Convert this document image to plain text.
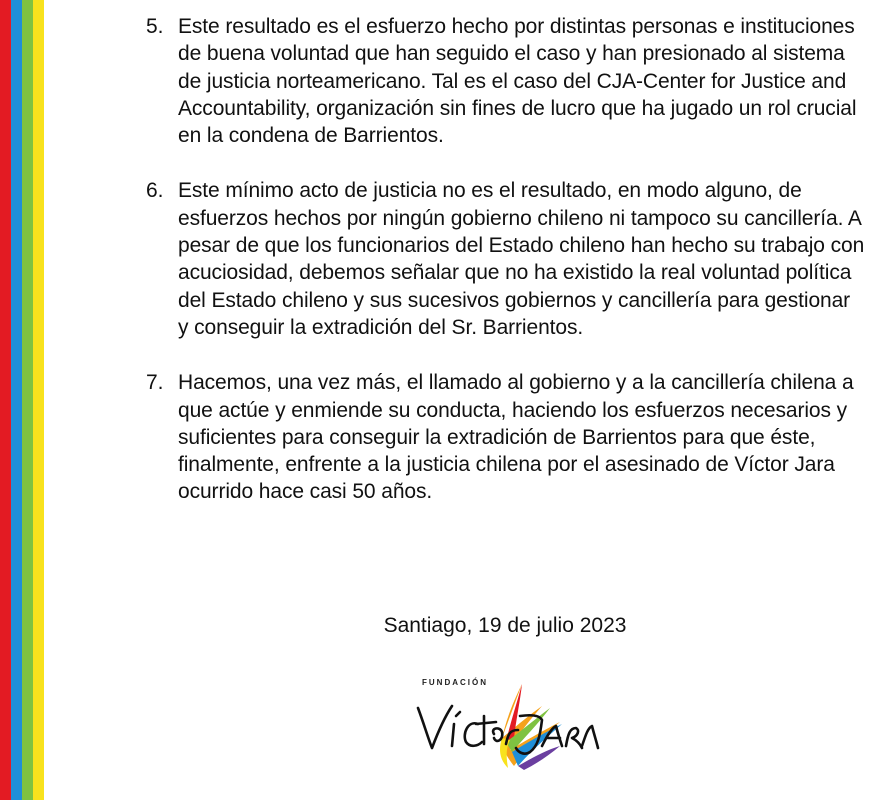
5. Este resultado es el esfuerzo hecho por distintas personas e instituciones de buena voluntad que han seguido el caso y han presionado al sistema de justicia norteamericano. Tal es el caso del CJA-Center for Justice and Accountability, organización sin fines de lucro que ha jugado un rol crucial en la condena de Barrientos.
6. Este mínimo acto de justicia no es el resultado, en modo alguno, de esfuerzos hechos por ningún gobierno chileno ni tampoco su cancillería. A pesar de que los funcionarios del Estado chileno han hecho su trabajo con acuciosidad, debemos señalar que no ha existido la real voluntad política del Estado chileno y sus sucesivos gobiernos y cancillería para gestionar y conseguir la extradición del Sr. Barrientos.
7. Hacemos, una vez más, el llamado al gobierno y a la cancillería chilena a que actúe y enmiende su conducta, haciendo los esfuerzos necesarios y suficientes para conseguir la extradición de Barrientos para que éste, finalmente, enfrente a la justicia chilena por el asesinado de Víctor Jara ocurrido hace casi 50 años.
Santiago, 19 de julio 2023
FUNDACIÓN
